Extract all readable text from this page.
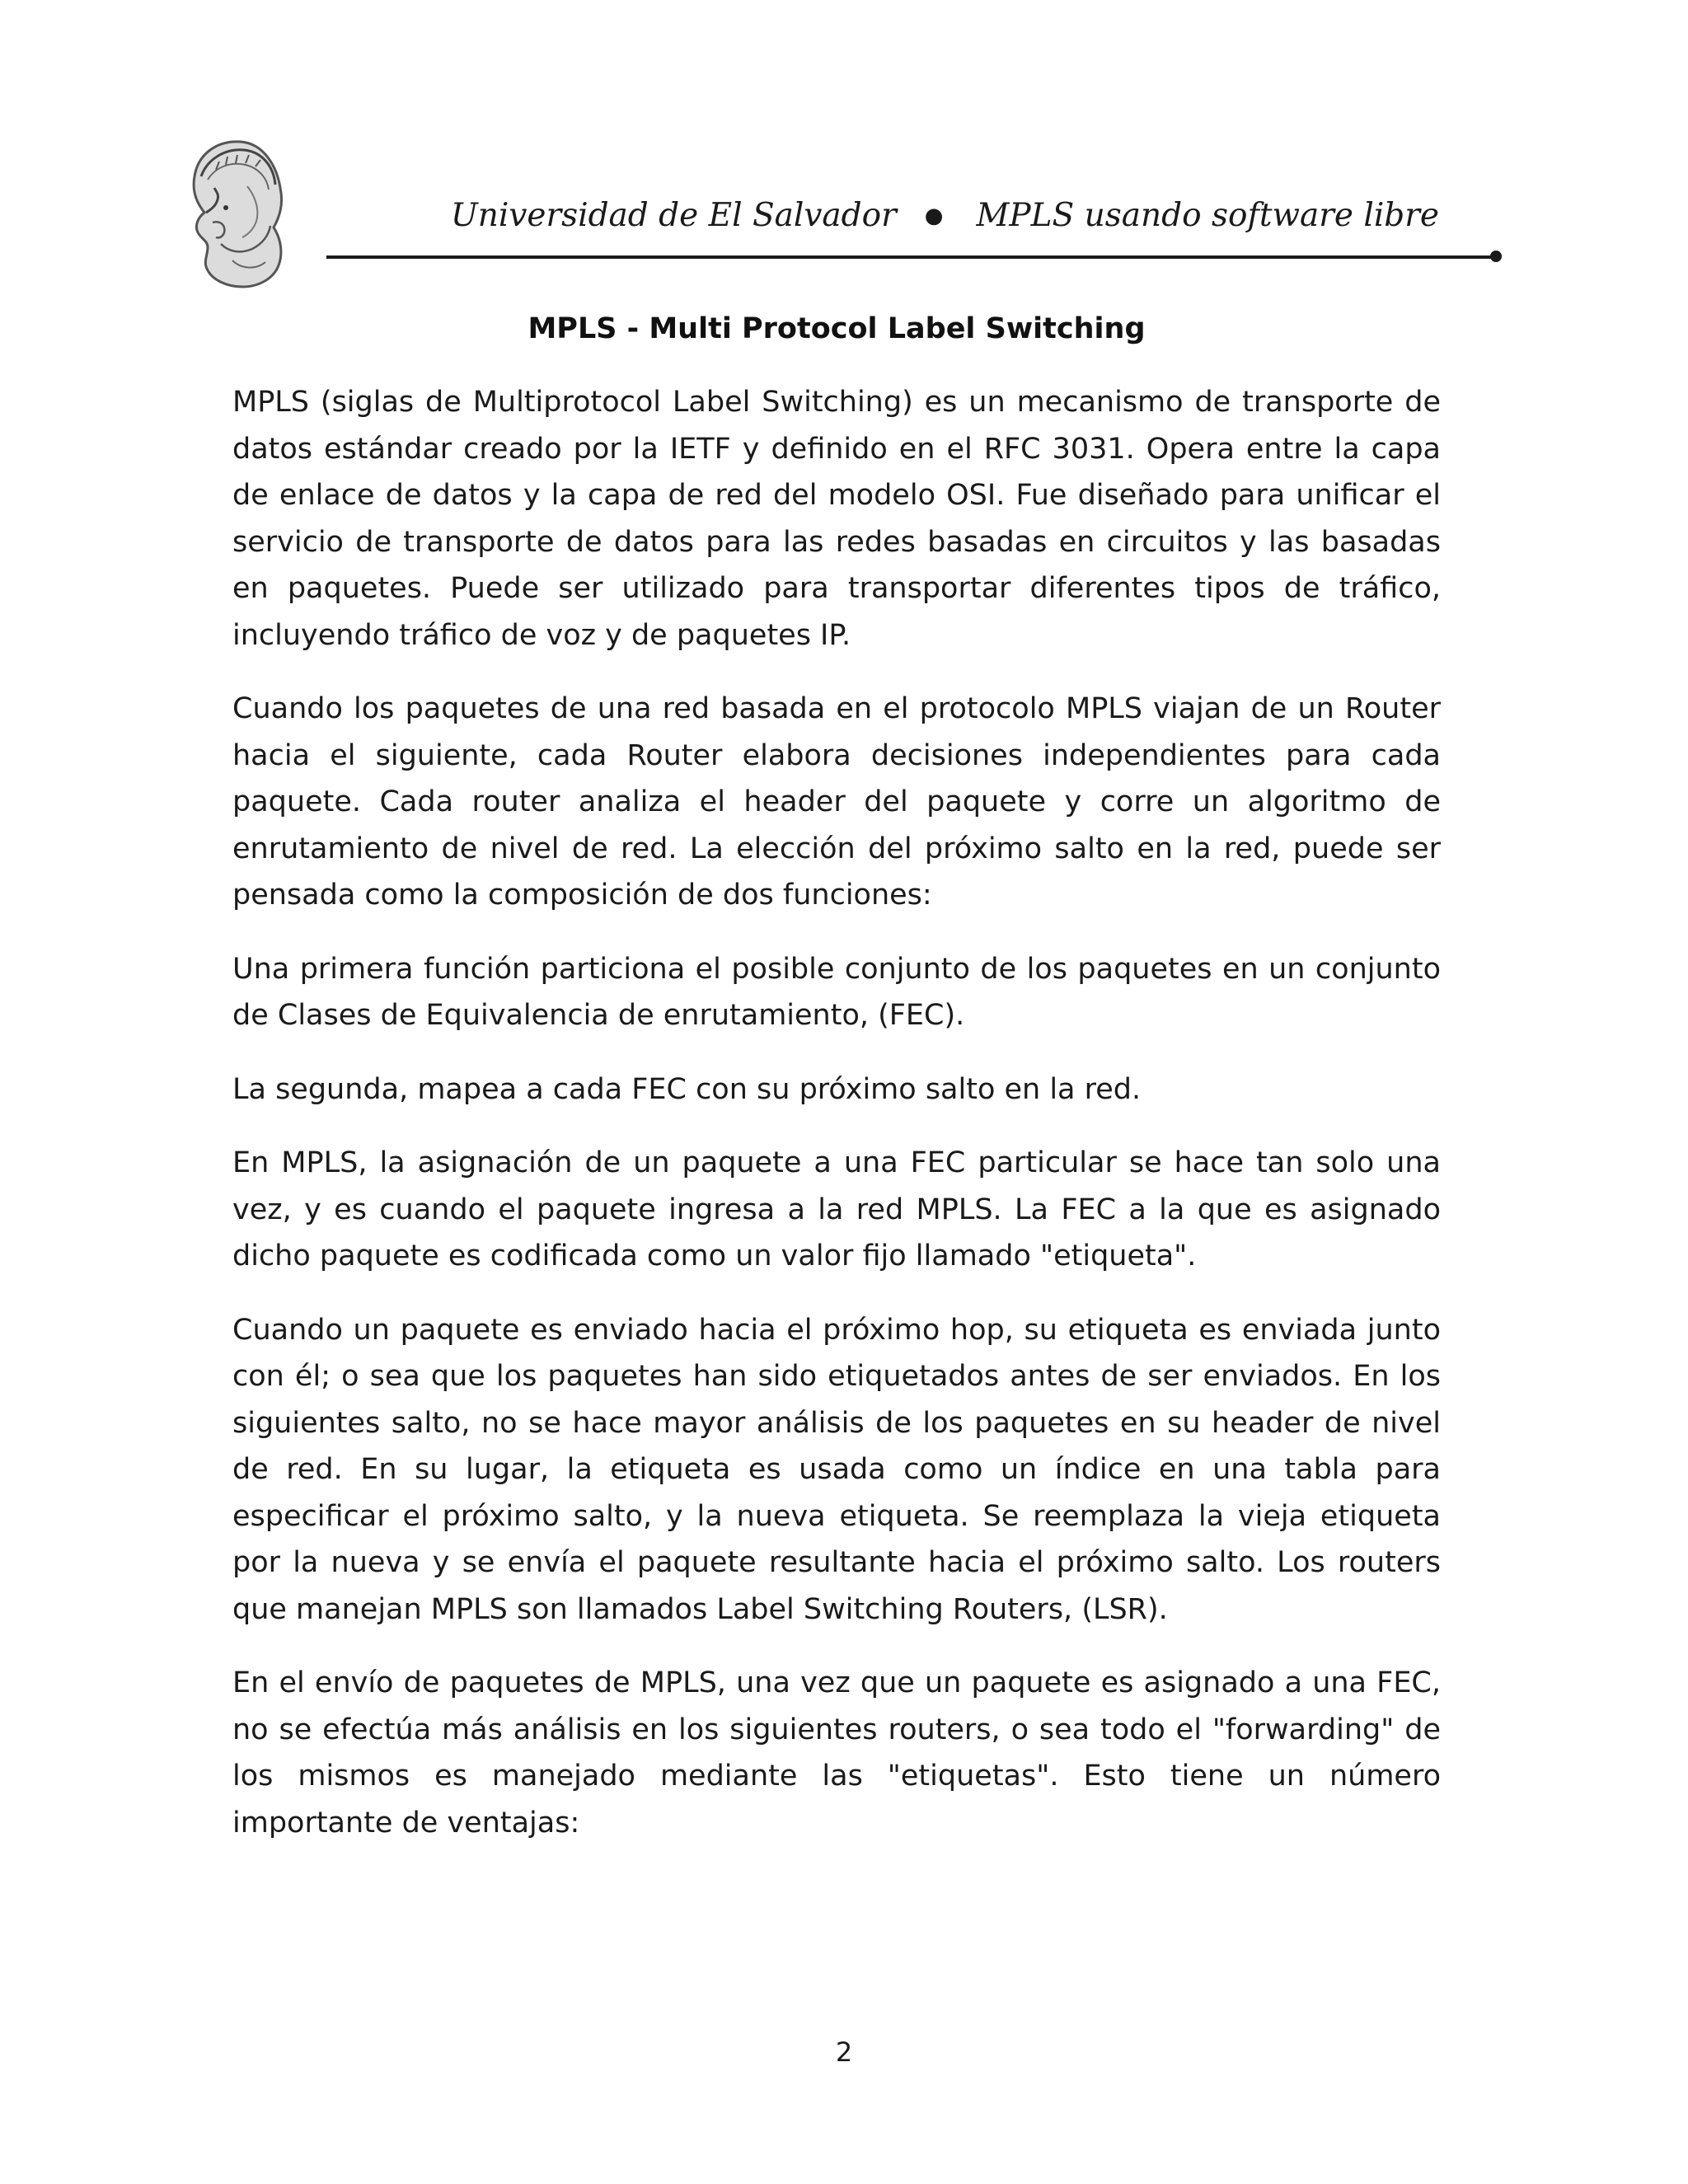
Universidad de El Salvador ● MPLS usando software libre
MPLS - Multi Protocol Label Switching

MPLS (siglas de Multiprotocol Label Switching) es un mecanismo de transporte de datos estándar creado por la IETF y definido en el RFC 3031. Opera entre la capa de enlace de datos y la capa de red del modelo OSI. Fue diseñado para unificar el servicio de transporte de datos para las redes basadas en circuitos y las basadas en paquetes. Puede ser utilizado para transportar diferentes tipos de tráfico, incluyendo tráfico de voz y de paquetes IP.

Cuando los paquetes de una red basada en el protocolo MPLS viajan de un Router hacia el siguiente, cada Router elabora decisiones independientes para cada paquete. Cada router analiza el header del paquete y corre un algoritmo de enrutamiento de nivel de red. La elección del próximo salto en la red, puede ser pensada como la composición de dos funciones:

Una primera función particiona el posible conjunto de los paquetes en un conjunto de Clases de Equivalencia de enrutamiento, (FEC).

La segunda, mapea a cada FEC con su próximo salto en la red.

En MPLS, la asignación de un paquete a una FEC particular se hace tan solo una vez, y es cuando el paquete ingresa a la red MPLS. La FEC a la que es asignado dicho paquete es codificada como un valor fijo llamado "etiqueta".

Cuando un paquete es enviado hacia el próximo hop, su etiqueta es enviada junto con él; o sea que los paquetes han sido etiquetados antes de ser enviados. En los siguientes salto, no se hace mayor análisis de los paquetes en su header de nivel de red. En su lugar, la etiqueta es usada como un índice en una tabla para especificar el próximo salto, y la nueva etiqueta. Se reemplaza la vieja etiqueta por la nueva y se envía el paquete resultante hacia el próximo salto. Los routers que manejan MPLS son llamados Label Switching Routers, (LSR).

En el envío de paquetes de MPLS, una vez que un paquete es asignado a una FEC, no se efectúa más análisis en los siguientes routers, o sea todo el "forwarding" de los mismos es manejado mediante las "etiquetas". Esto tiene un número importante de ventajas:

2
